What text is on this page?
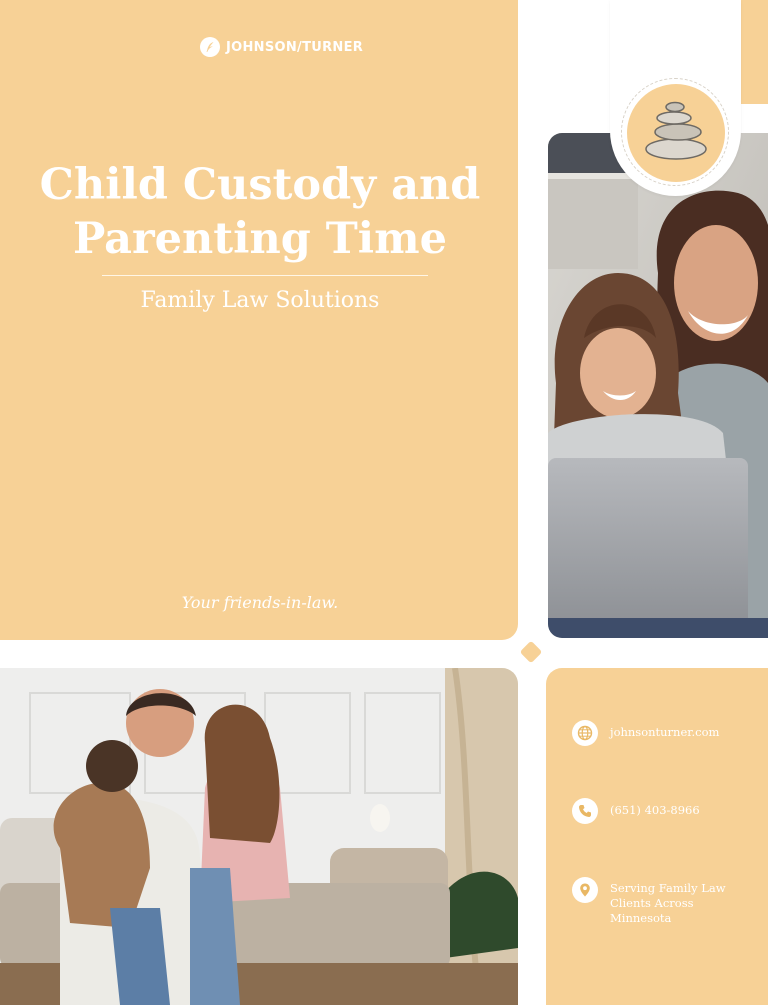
JOHNSON/TURNER
Child Custody and
Parenting Time
Family Law Solutions
Your friends-in-law.
johnsonturner.com
(651) 403-8966
Serving Family Law Clients Across Minnesota
